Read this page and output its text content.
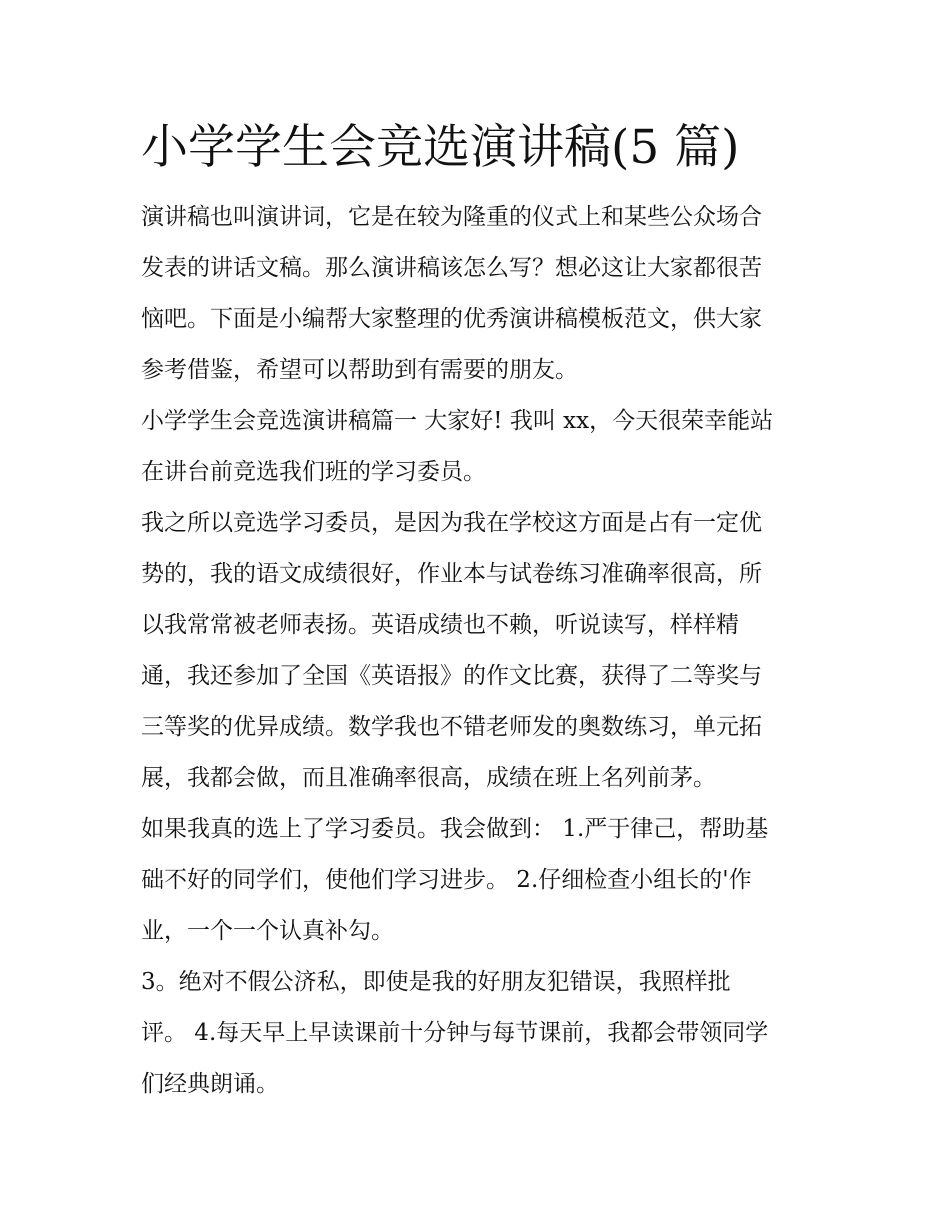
小学学生会竞选演讲稿(5 篇)

演讲稿也叫演讲词，它是在较为隆重的仪式上和某些公众场合
发表的讲话文稿。那么演讲稿该怎么写？想必这让大家都很苦
恼吧。下面是小编帮大家整理的优秀演讲稿模板范文，供大家
参考借鉴，希望可以帮助到有需要的朋友。

小学学生会竞选演讲稿篇一 大家好! 我叫 xx，今天很荣幸能站
在讲台前竞选我们班的学习委员。

我之所以竞选学习委员，是因为我在学校这方面是占有一定优
势的，我的语文成绩很好，作业本与试卷练习准确率很高，所
以我常常被老师表扬。英语成绩也不赖，听说读写，样样精
通，我还参加了全国《英语报》的作文比赛，获得了二等奖与
三等奖的优异成绩。数学我也不错老师发的奥数练习，单元拓
展，我都会做，而且准确率很高，成绩在班上名列前茅。

如果我真的选上了学习委员。我会做到： 1.严于律己，帮助基
础不好的同学们，使他们学习进步。 2.仔细检查小组长的'作
业，一个一个认真补勾。

3。绝对不假公济私，即使是我的好朋友犯错误，我照样批
评。 4.每天早上早读课前十分钟与每节课前，我都会带领同学
们经典朗诵。
